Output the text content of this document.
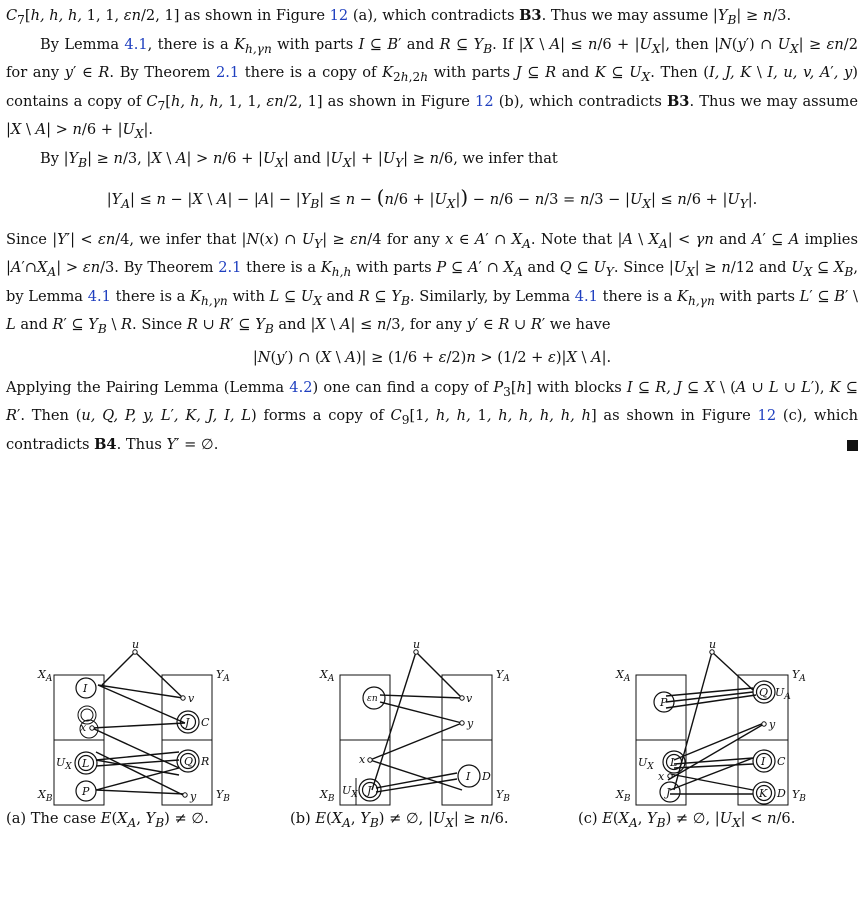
$C_7[h$, h, h, 1, 1, εn/2, 1] as shown in Figure 12 (a), which contradicts B3. Thus we may assume $|Y_B| \ge n/3$.

By Lemma 4.1, there is a $K_{h,\gamma n}$ with parts I ⊆ B′ and R ⊆ $Y_B$. If |X \ $A| \le n/6 + |U_X|$, then |N(y′) ∩ $U_X| \ge \varepsilon n/2$ for any y′ ∈ R. By Theorem 2.1 there is a copy of $K_{2h,2h}$ with parts J ⊆ R and K ⊆ $U_X$. Then (I, J, K \ I, u, v, A′, y) contains a copy of $C_7[h$, h, h, 1, 1, εn/2, 1] as shown in Figure 12 (b), which contradicts B3. Thus we may assume |X \ $A| > n/6 + |U_X|$.

By $|Y_B| \ge n/3$, |X \ $A| > n/6 + |U_X|$ and $|U_X| + |U_Y| \ge n/6$, we infer that

$|Y_A| \le n - |X$ \ $A| - |A| - |Y_B| \le n - (n/6 + |U_X|) - n/6 - n/3 = n/3 - |U_X| \le n/6 + |U_Y|$.

Since |Y′| < εn/4, we infer that |N(x) ∩ $U_Y| \ge \varepsilon n/4$ for any x ∈ A′ ∩ $X_A$. Note that |A \ $X_A| < \gamma n$ and A′ ⊆ A implies $|A'\cap X_A| > \varepsilon n/3$. By Theorem 2.1 there is a $K_{h,h}$ with parts P ⊆ A′ ∩ $X_A$ and Q ⊆ $U_Y$. Since $|U_X| \ge n/12$ and $U_X$ ⊆ $X_B$, by Lemma 4.1 there is a $K_{h,\gamma n}$ with L ⊆ $U_X$ and R ⊆ $Y_B$. Similarly, by Lemma 4.1 there is a $K_{h,\gamma n}$ with parts L′ ⊆ B′ \ L and R′ ⊆ $Y_B$ \ R. Since R ∪ R′ ⊆ $Y_B$ and |X \ A| ≤ n/3, for any y′ ∈ R ∪ R′ we have

|N(y′) ∩ (X \ A)| ≥ (1/6 + ε/2)n > (1/2 + ε)|X \ A|.

Applying the Pairing Lemma (Lemma 4.2) one can find a copy of $P_3[h]$ with blocks I ⊆ R, J ⊆ X \ (A ∪ L ∪ L′), K ⊆ R′. Then (u, Q, P, y, L′, K, J, I, L) forms a copy of $C_9[1$, h, h, 1, h, h, h, h, h] as shown in Figure 12 (c), which contradicts B4. Thus Y′ = ∅.

u
$X_A$
$X_B$
$Y_A$
$Y_B$
$U_X$
v
x
y
I
J C
L	Q R
P
u
$X_A$
$X_B$
$Y_A$
$Y_B$
$U_X$
v
x
y
εn
J
I D
u
$X_A$
$X_B$
$Y_A$
$Y_B$
$U_X$
$U_A$
x
y
P
Q
L	I C
J	K D
(a) The case $E(X_A$, $Y_B$) ≠ ∅.	(b) $E(X_A$, $Y_B$) ≠ ∅, $|U_X| \ge n/6$.	(c) $E(X_A$, $Y_B$) ≠ ∅, $|U_X| < n/6$.
